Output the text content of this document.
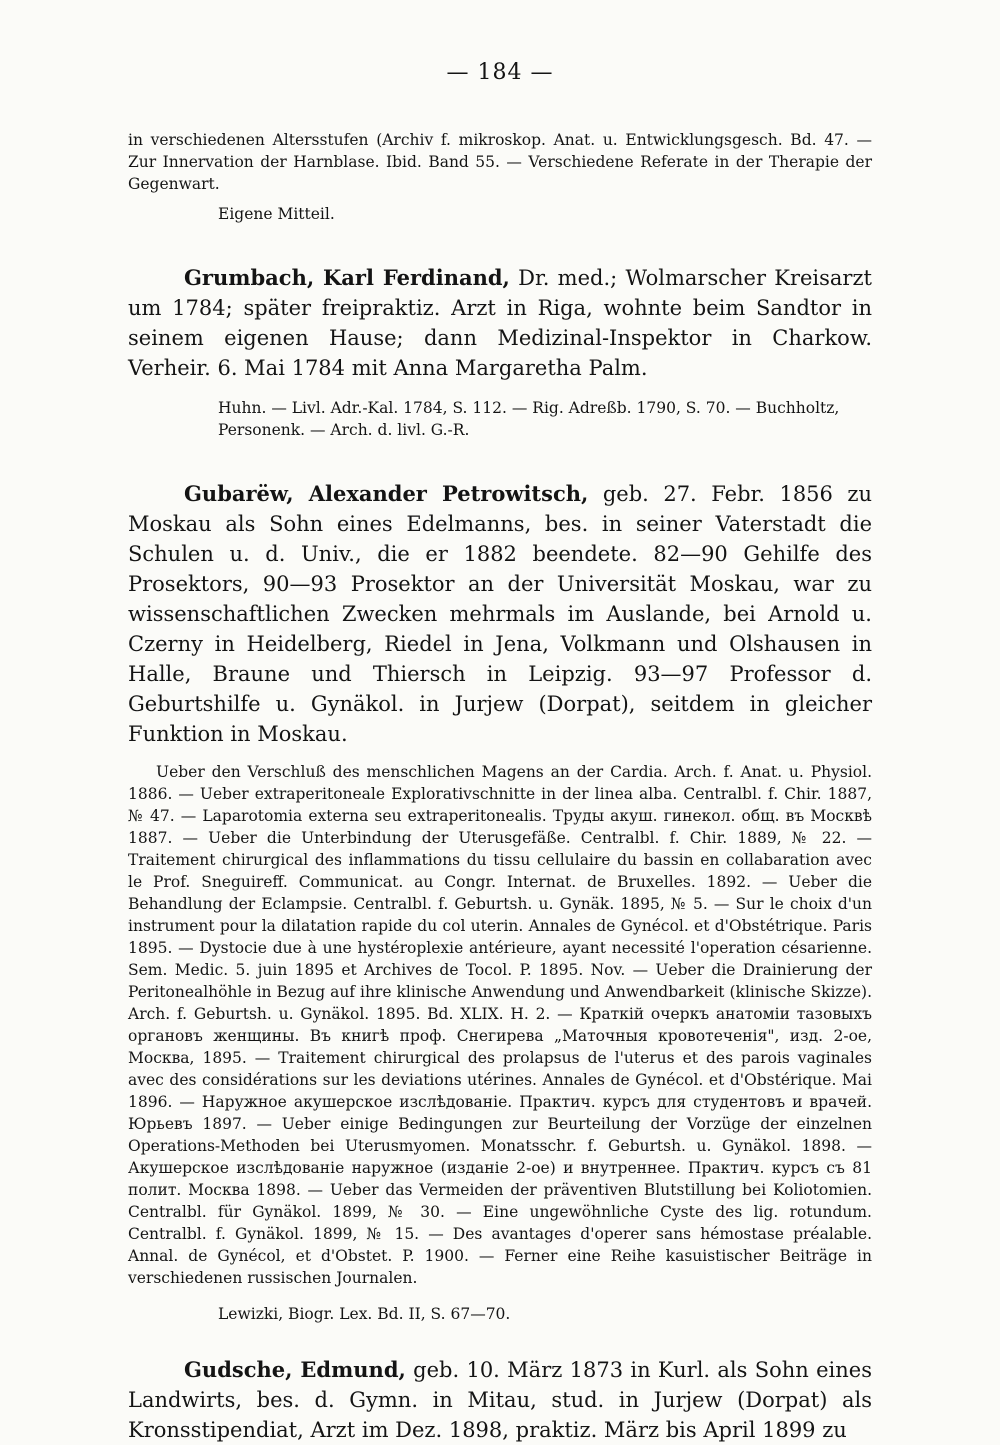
— 184 —

in verschiedenen Altersstufen (Archiv f. mikroskop. Anat. u. Entwicklungsgesch. Bd. 47. — Zur Innervation der Harnblase. Ibid. Band 55. — Verschiedene Referate in der Therapie der Gegenwart.

Eigene Mitteil.

Grumbach, Karl Ferdinand, Dr. med.; Wolmarscher Kreisarzt um 1784; später freipraktiz. Arzt in Riga, wohnte beim Sandtor in seinem eigenen Hause; dann Medizinal-Inspektor in Charkow. Verheir. 6. Mai 1784 mit Anna Margaretha Palm.

Huhn. — Livl. Adr.-Kal. 1784, S. 112. — Rig. Adreßb. 1790, S. 70. — Buchholtz, Personenk. — Arch. d. livl. G.-R.

Gubarëw, Alexander Petrowitsch, geb. 27. Febr. 1856 zu Moskau als Sohn eines Edelmanns, bes. in seiner Vaterstadt die Schulen u. d. Univ., die er 1882 beendete. 82—90 Gehilfe des Prosektors, 90—93 Prosektor an der Universität Moskau, war zu wissenschaftlichen Zwecken mehrmals im Auslande, bei Arnold u. Czerny in Heidelberg, Riedel in Jena, Volkmann und Olshausen in Halle, Braune und Thiersch in Leipzig. 93—97 Professor d. Geburtshilfe u. Gynäkol. in Jurjew (Dorpat), seitdem in gleicher Funktion in Moskau.

Ueber den Verschluß des menschlichen Magens an der Cardia. Arch. f. Anat. u. Physiol. 1886. — Ueber extraperitoneale Explorativschnitte in der linea alba. Centralbl. f. Chir. 1887, № 47. — Laparotomia externa seu extraperitonealis. Труды акуш. гинекол. общ. въ Москвѣ 1887. — Ueber die Unterbindung der Uterusgefäße. Centralbl. f. Chir. 1889, № 22. — Traitement chirurgical des inflammations du tissu cellulaire du bassin en collabaration avec le Prof. Sneguireff. Communicat. au Congr. Internat. de Bruxelles. 1892. — Ueber die Behandlung der Eclampsie. Centralbl. f. Geburtsh. u. Gynäk. 1895, № 5. — Sur le choix d'un instrument pour la dilatation rapide du col uterin. Annales de Gynécol. et d'Obstétrique. Paris 1895. — Dystocie due à une hystéroplexie antérieure, ayant necessité l'operation césarienne. Sem. Medic. 5. juin 1895 et Archives de Tocol. P. 1895. Nov. — Ueber die Drainierung der Peritonealhöhle in Bezug auf ihre klinische Anwendung und Anwendbarkeit (klinische Skizze). Arch. f. Geburtsh. u. Gynäkol. 1895. Bd. XLIX. H. 2. — Краткій очеркъ анатоміи тазовыхъ органовъ женщины. Въ книгѣ проф. Снегирева „Маточныя кровотеченія", изд. 2-ое, Москва, 1895. — Traitement chirurgical des prolapsus de l'uterus et des parois vaginales avec des considérations sur les deviations utérines. Annales de Gynécol. et d'Obstérique. Mai 1896. — Наружное акушерское изслѣдованіе. Практич. курсъ для студентовъ и врачей. Юрьевъ 1897. — Ueber einige Bedingungen zur Beurteilung der Vorzüge der einzelnen Operations-Methoden bei Uterusmyomen. Monatsschr. f. Geburtsh. u. Gynäkol. 1898. — Акушерское изслѣдованіе наружное (изданіе 2-ое) и внутреннее. Практич. курсъ съ 81 полит. Москва 1898. — Ueber das Vermeiden der präventiven Blutstillung bei Koliotomien. Centralbl. für Gynäkol. 1899, № 30. — Eine ungewöhnliche Cyste des lig. rotundum. Centralbl. f. Gynäkol. 1899, № 15. — Des avantages d'operer sans hémostase préalable. Annal. de Gynécol, et d'Obstet. P. 1900. — Ferner eine Reihe kasuistischer Beiträge in verschiedenen russischen Journalen.

Lewizki, Biogr. Lex. Bd. II, S. 67—70.

Gudsche, Edmund, geb. 10. März 1873 in Kurl. als Sohn eines Landwirts, bes. d. Gymn. in Mitau, stud. in Jurjew (Dorpat) als Kronsstipendiat, Arzt im Dez. 1898, praktiz. März bis April 1899 zu
